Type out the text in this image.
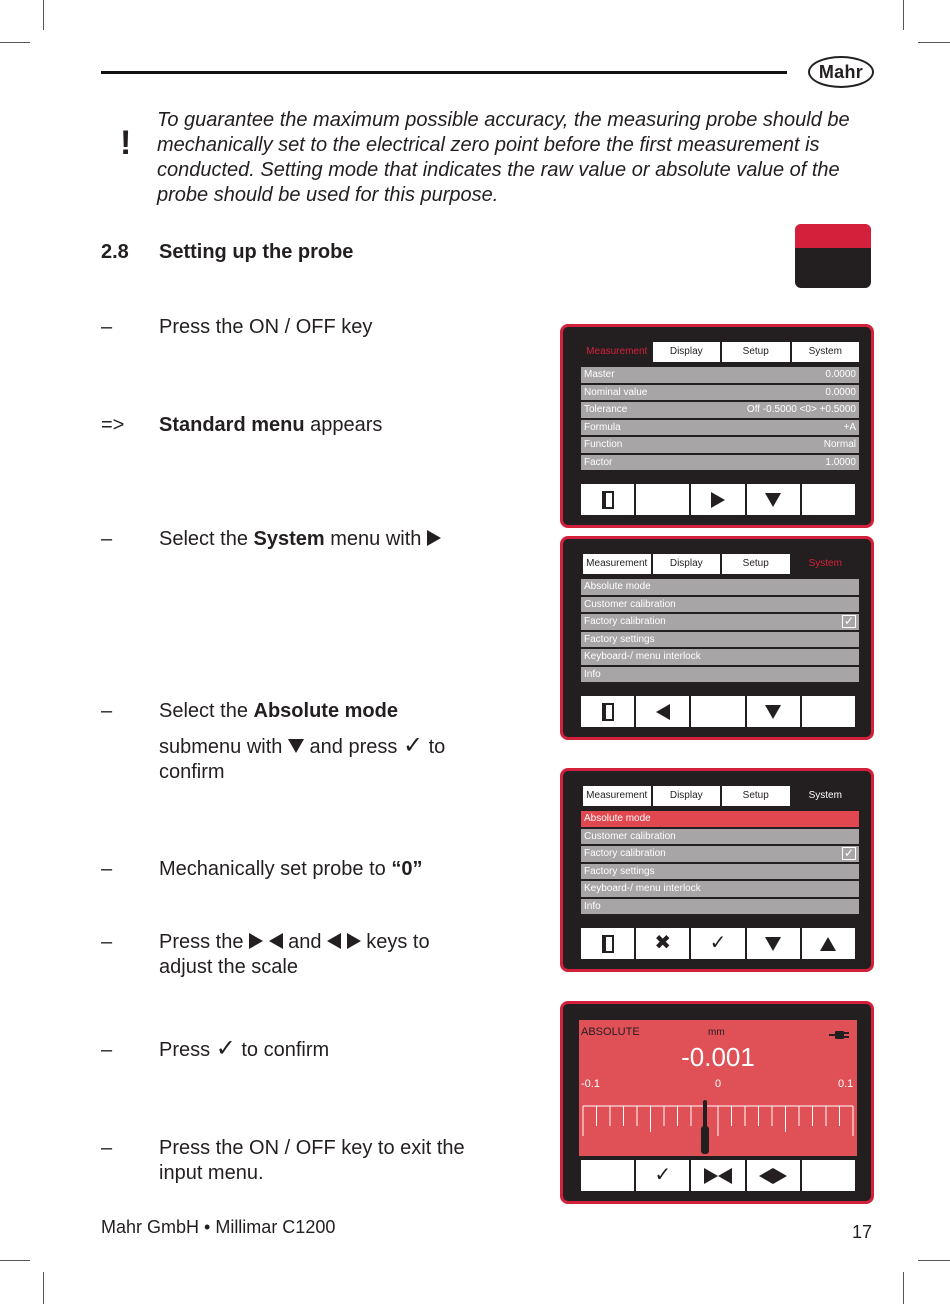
Mahr
!
To guarantee the maximum possible accuracy, the measuring probe should be mechanically set to the electrical zero point before the first measurement is conducted. Setting mode that indicates the raw value or absolute value of the probe should be used for this purpose.
2.8 Setting up the probe
– Press the ON / OFF key
=> Standard menu appears
– Select the System menu with
– Select the Absolute mode
submenu with and press ✓ to
confirm
– Mechanically set probe to “0”
– Press the and keys to
adjust the scale
– Press ✓ to confirm
– Press the ON / OFF key to exit the
input menu.
Measurement	Display	Setup	System
Master	0.0000
Nominal value	0.0000
Tolerance	Off -0.5000 <0> +0.5000
Formula	+A
Function	Normal
Factor	1.0000
Measurement	Display	Setup	System
Absolute mode
Customer calibration
Factory calibration	✓
Factory settings
Keyboard-/ menu interlock
Info
Measurement	Display	Setup	System
Absolute mode
Customer calibration
Factory calibration	✓
Factory settings
Keyboard-/ menu interlock
Info
✖ ✓
ABSOLUTE	mm
-0.001
-0.1	0	0.1
✓
Mahr GmbH • Millimar C1200	17
